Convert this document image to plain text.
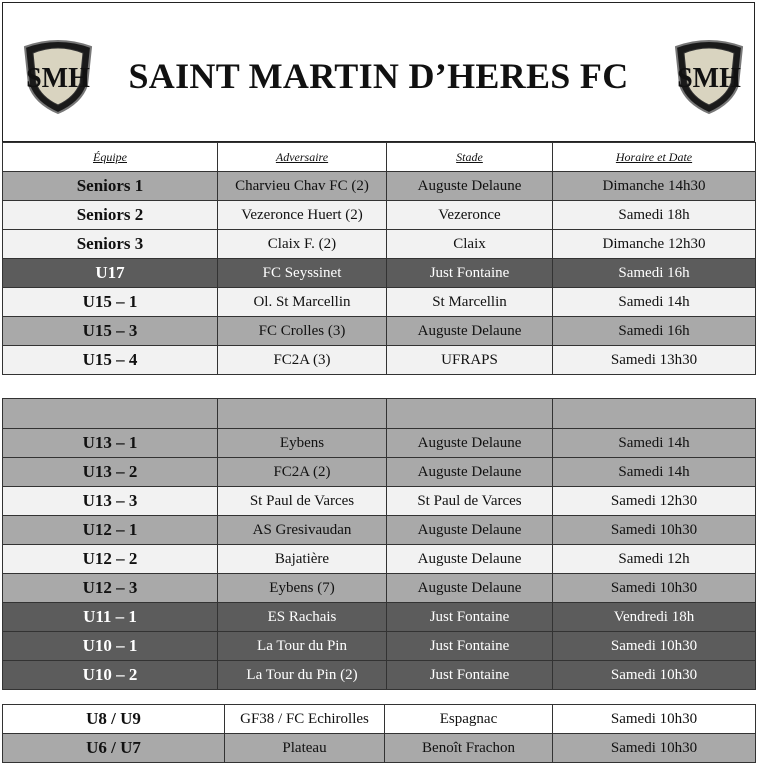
SMH	SAINT MARTIN D’HERES FC	SMH
Équipe	Adversaire	Stade	Horaire et Date
Seniors 1	Charvieu Chav FC (2)	Auguste Delaune	Dimanche 14h30
Seniors 2	Vezeronce Huert (2)	Vezeronce	Samedi 18h
Seniors 3	Claix F. (2)	Claix	Dimanche 12h30
U17	FC Seyssinet	Just Fontaine	Samedi 16h
U15 – 1	Ol. St Marcellin	St Marcellin	Samedi 14h
U15 – 3	FC Crolles (3)	Auguste Delaune	Samedi 16h
U15 – 4	FC2A (3)	UFRAPS	Samedi 13h30

U13 – 1	Eybens	Auguste Delaune	Samedi 14h
U13 – 2	FC2A (2)	Auguste Delaune	Samedi 14h
U13 – 3	St Paul de Varces	St Paul de Varces	Samedi 12h30
U12 – 1	AS Gresivaudan	Auguste Delaune	Samedi 10h30
U12 – 2	Bajatière	Auguste Delaune	Samedi 12h
U12 – 3	Eybens (7)	Auguste Delaune	Samedi 10h30
U11 – 1	ES Rachais	Just Fontaine	Vendredi 18h
U10 – 1	La Tour du Pin	Just Fontaine	Samedi 10h30
U10 – 2	La Tour du Pin (2)	Just Fontaine	Samedi 10h30
U8 / U9	GF38 / FC Echirolles	Espagnac	Samedi 10h30
U6 / U7	Plateau	Benoît Frachon	Samedi 10h30
